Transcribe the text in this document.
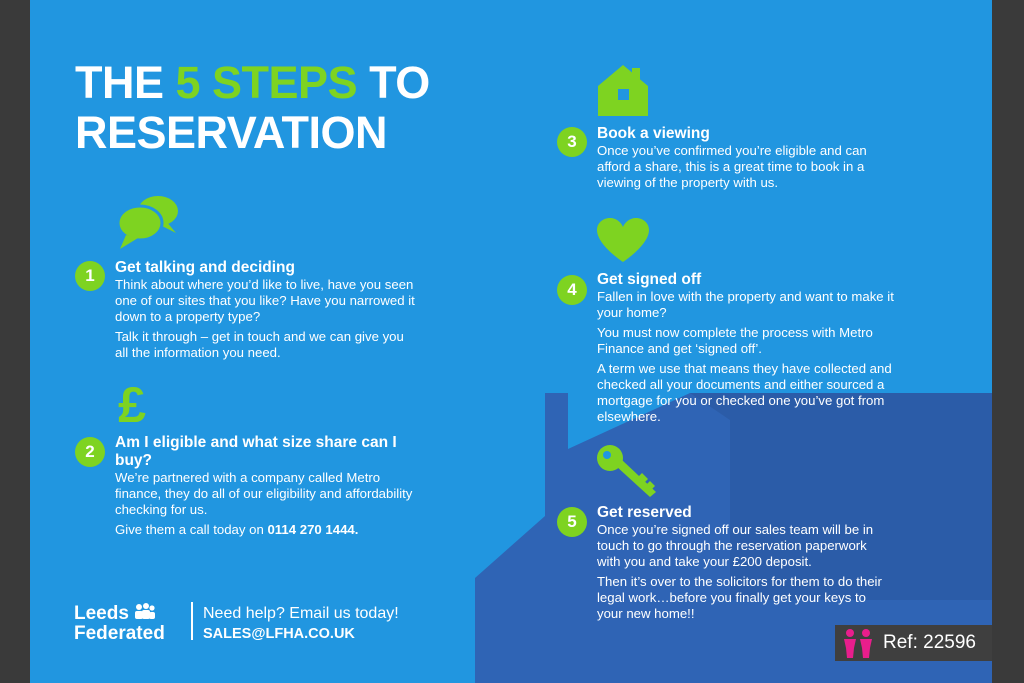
THE 5 STEPS TO
RESERVATION
1	Get talking and deciding

Think about where you’d like to live, have you seen one of our sites that you like? Have you narrowed it down to a property type?

Talk it through – get in touch and we can give you all the information you need.

£
2	Am I eligible and what size share can I buy?

We’re partnered with a company called Metro finance, they do all of our eligibility and affordability checking for us.

Give them a call today on 0114 270 1444.

3	Book a viewing

Once you’ve confirmed you’re eligible and can afford a share, this is a great time to book in a viewing of the property with us.

4
Get signed off

Fallen in love with the property and want to make it your home?

You must now complete the process with Metro Finance and get ‘signed off’.

A term we use that means they have collected and checked all your documents and either sourced a mortgage for you or checked one you’ve got from elsewhere.

5	Get reserved

Once you’re signed off our sales team will be in touch to go through the reservation paperwork with you and take your £200 deposit.

Then it’s over to the solicitors for them to do their legal work…before you finally get your keys to your new home!!

Leeds
Federated
Need help? Email us today!
SALES@LFHA.CO.UK	Ref: 22596
